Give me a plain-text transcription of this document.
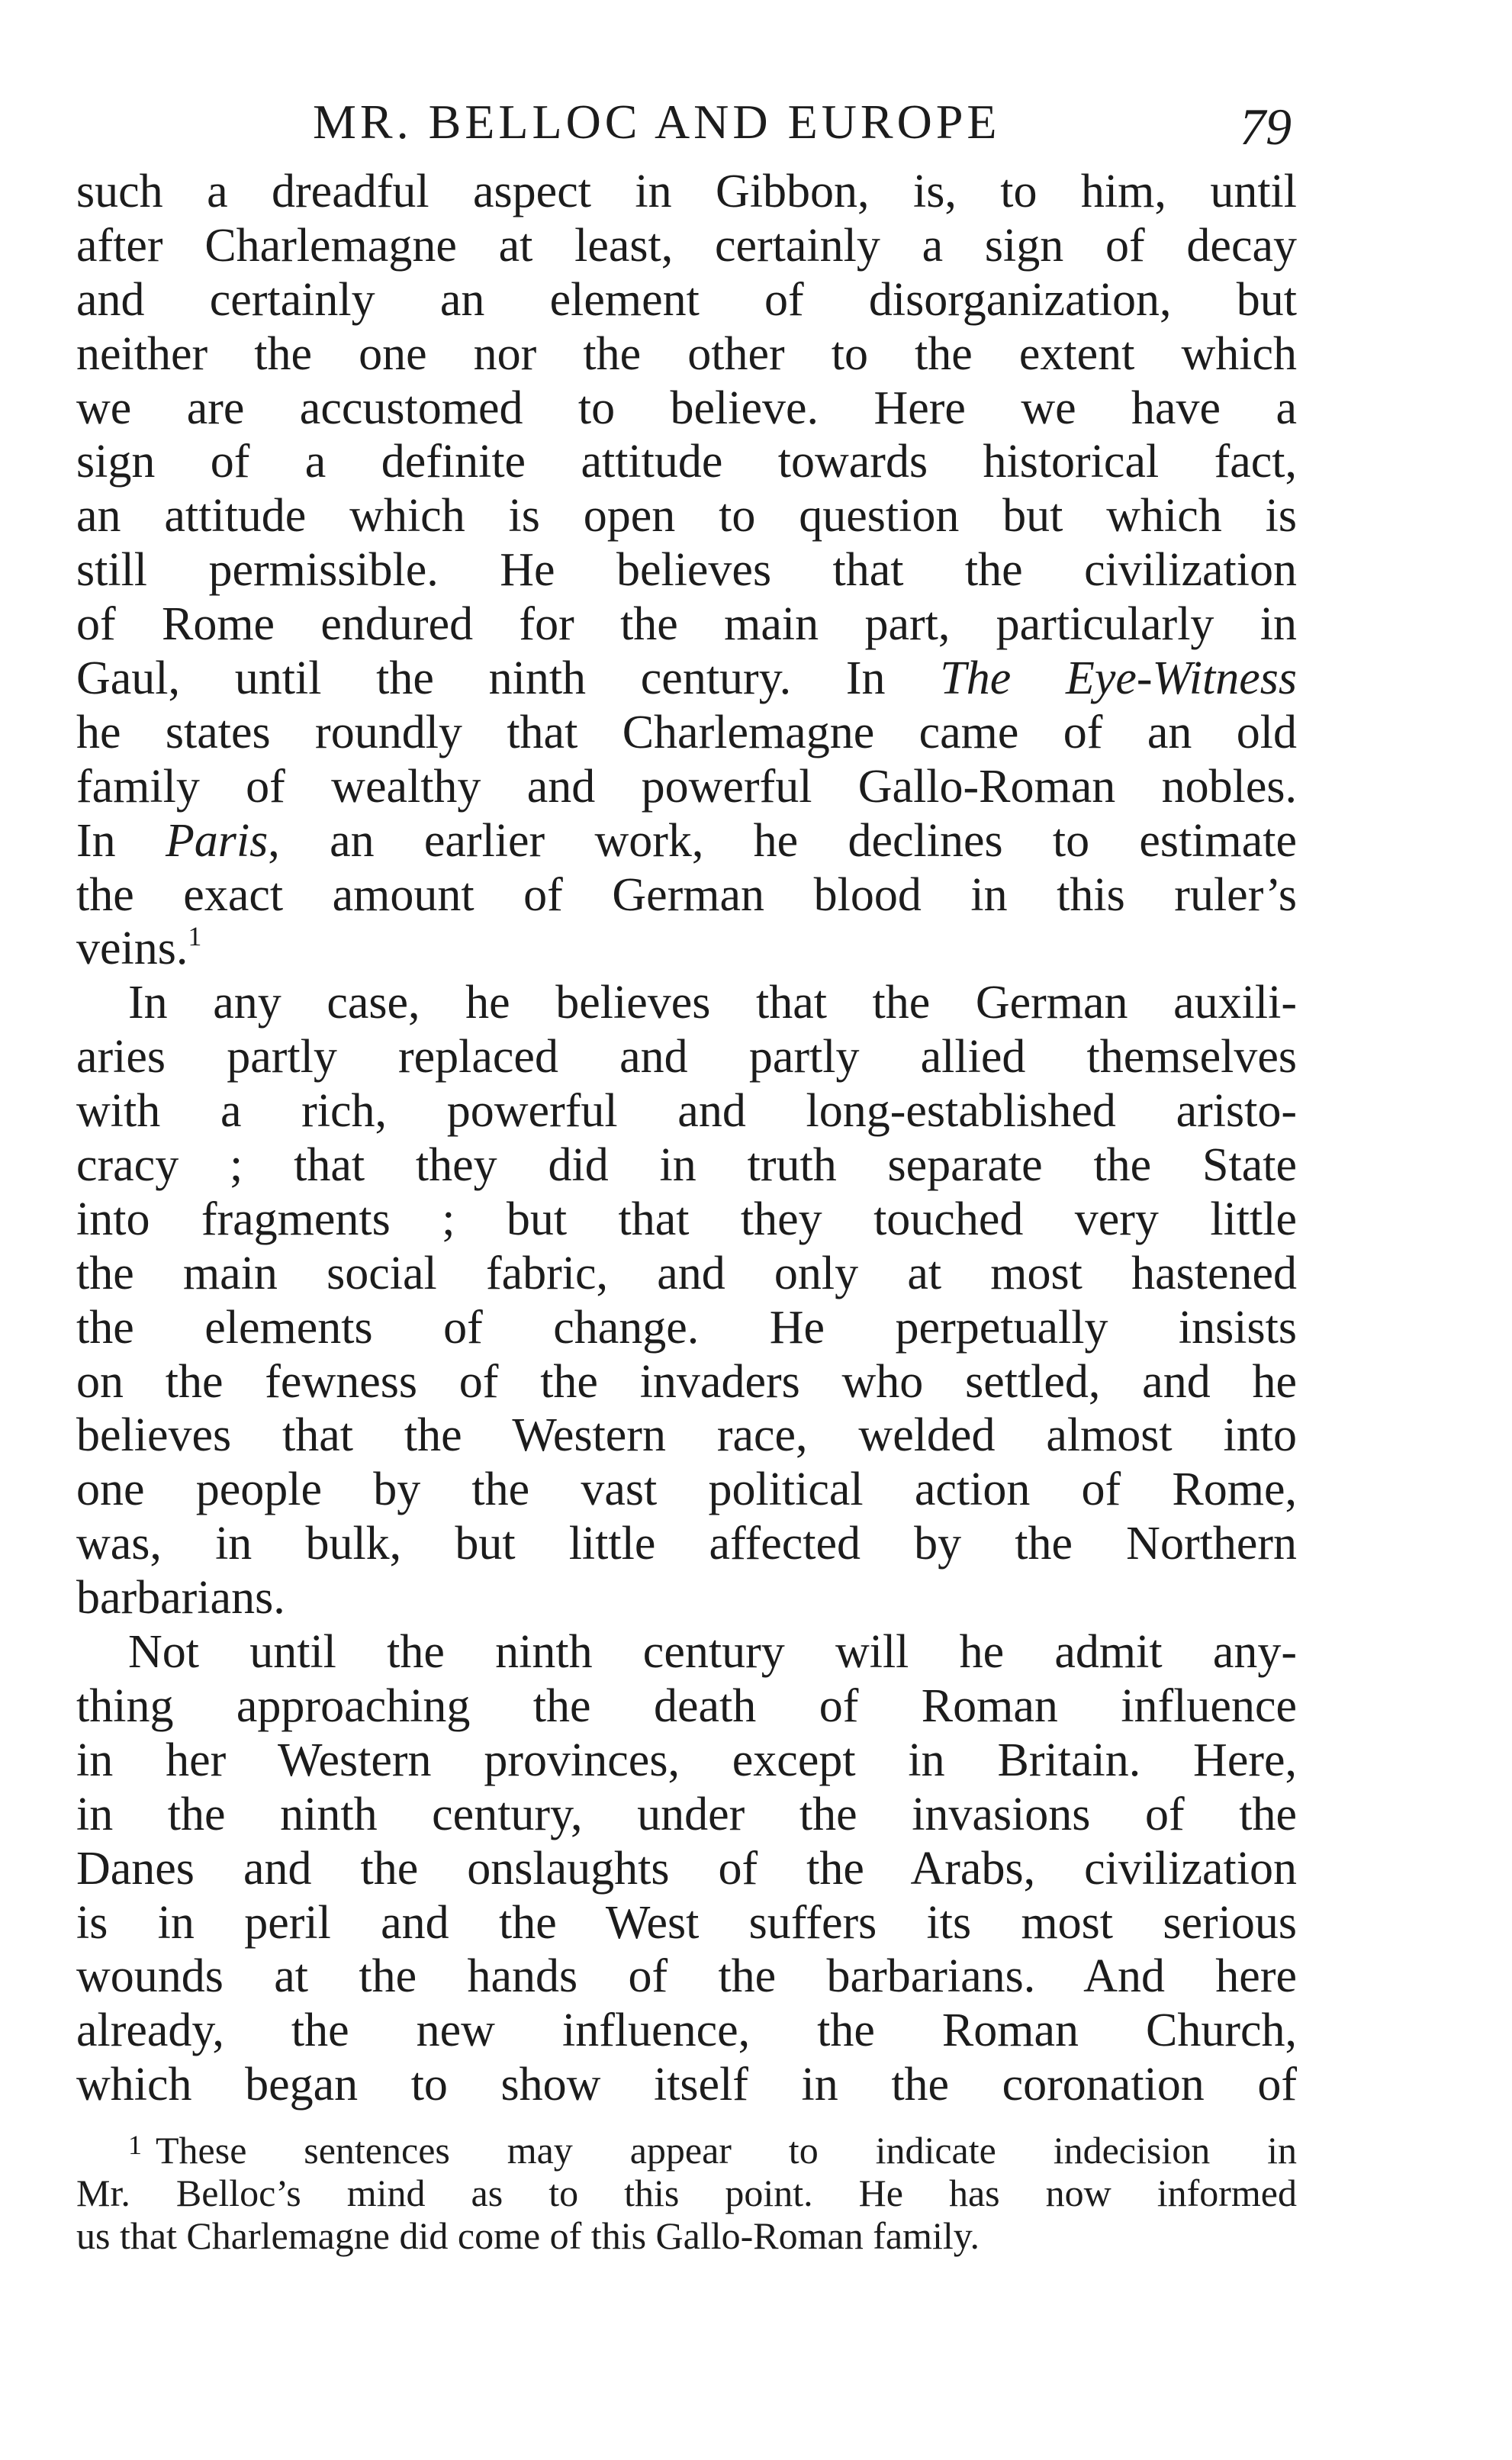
MR. BELLOC AND EUROPE	79
such a dreadful aspect in Gibbon, is, to him, until
after Charlemagne at least, certainly a sign of decay
and certainly an element of disorganization, but
neither the one nor the other to the extent which
we are accustomed to believe. Here we have a
sign of a definite attitude towards historical fact,
an attitude which is open to question but which is
still permissible. He believes that the civilization
of Rome endured for the main part, particularly in
Gaul, until the ninth century. In The Eye-Witness
he states roundly that Charlemagne came of an old
family of wealthy and powerful Gallo-Roman nobles.
In Paris, an earlier work, he declines to estimate
the exact amount of German blood in this ruler’s
veins.$^1$
In any case, he believes that the German auxili-
aries partly replaced and partly allied themselves
with a rich, powerful and long-established aristo-
cracy ; that they did in truth separate the State
into fragments ; but that they touched very little
the main social fabric, and only at most hastened
the elements of change. He perpetually insists
on the fewness of the invaders who settled, and he
believes that the Western race, welded almost into
one people by the vast political action of Rome,
was, in bulk, but little affected by the Northern
barbarians.
Not until the ninth century will he admit any-
thing approaching the death of Roman influence
in her Western provinces, except in Britain. Here,
in the ninth century, under the invasions of the
Danes and the onslaughts of the Arabs, civilization
is in peril and the West suffers its most serious
wounds at the hands of the barbarians. And here
already, the new influence, the Roman Church,
which began to show itself in the coronation of
$^1$ These sentences may appear to indicate indecision in
Mr. Belloc’s mind as to this point. He has now informed
us that Charlemagne did come of this Gallo-Roman family.
